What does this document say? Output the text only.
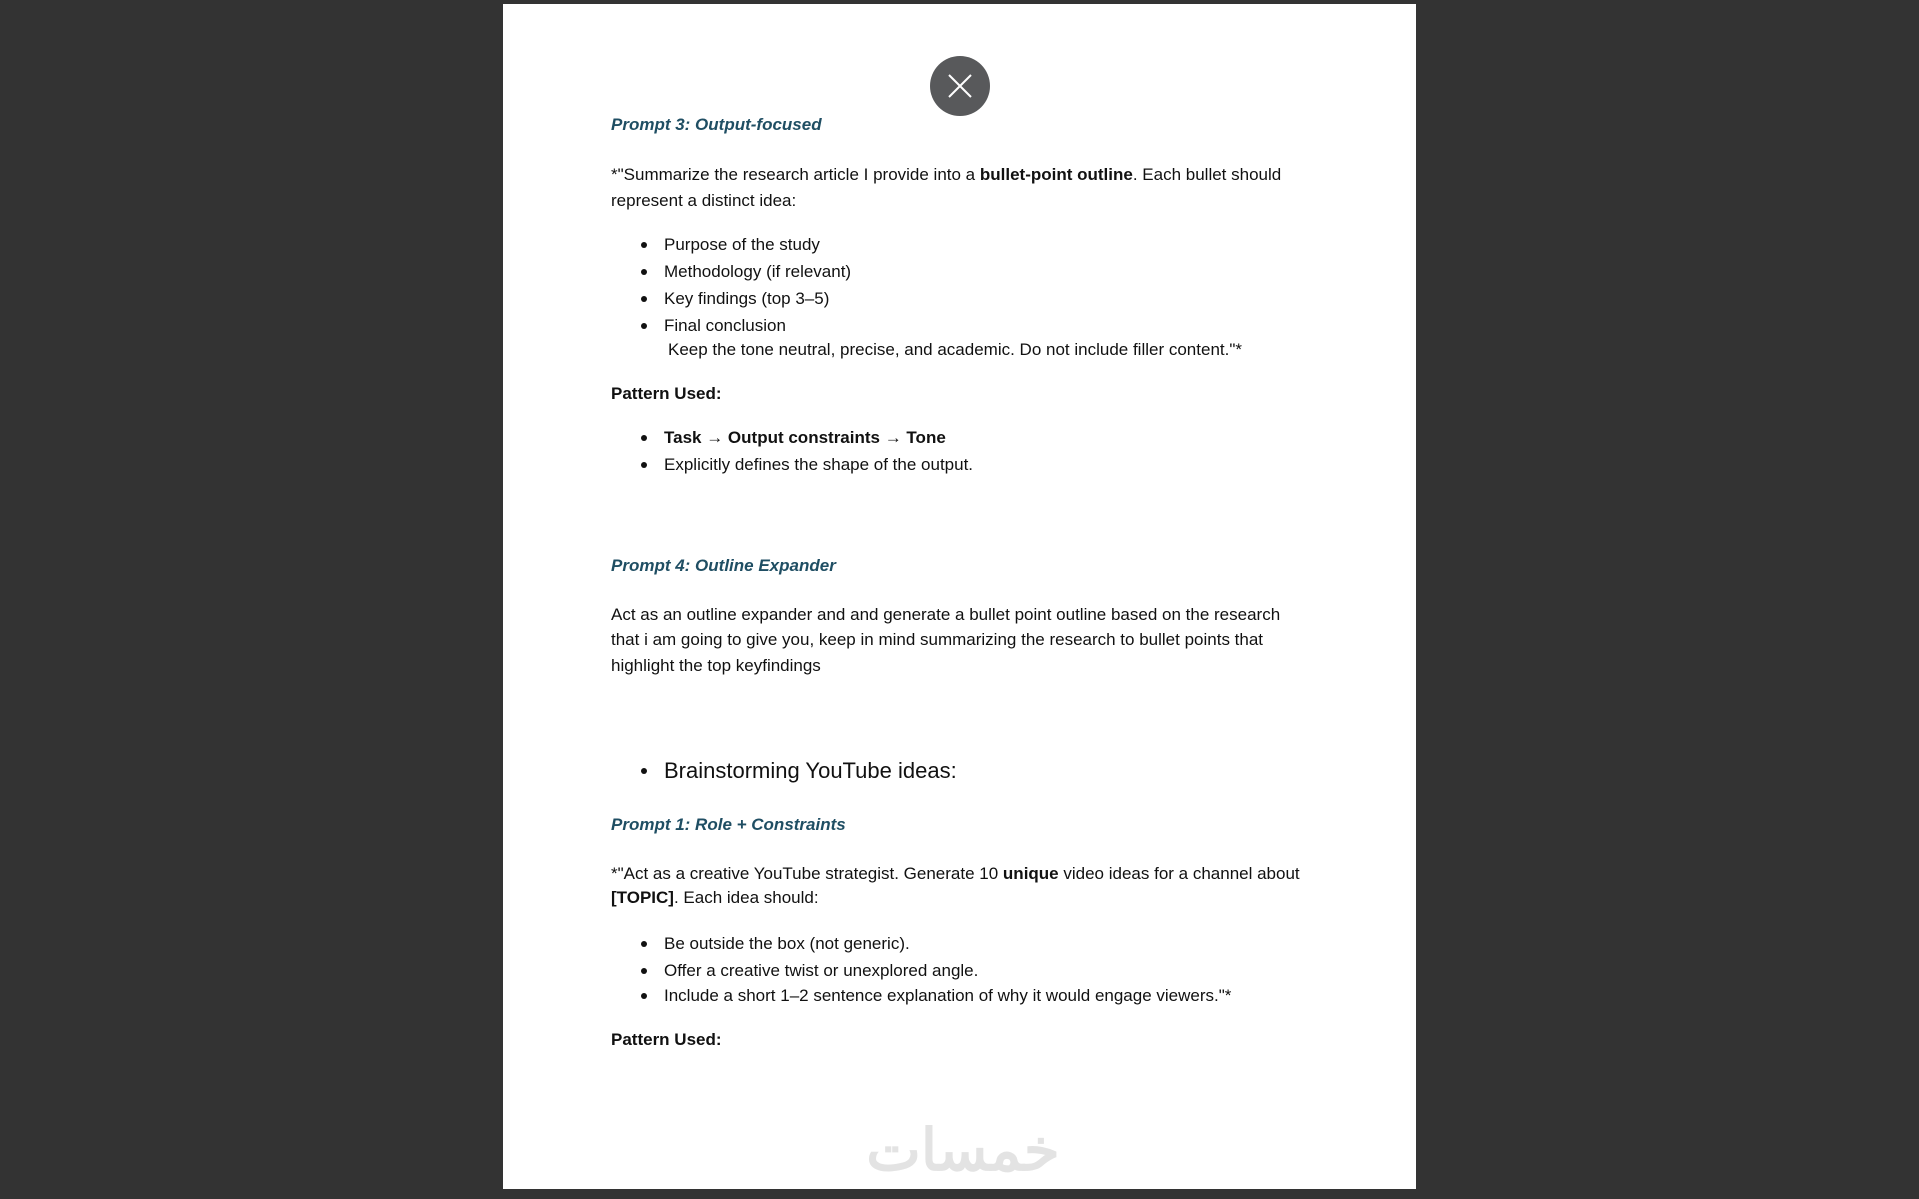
Prompt 3: Output-focused
*"Summarize the research article I provide into a bullet-point outline. Each bullet should
represent a distinct idea:
Purpose of the study
Methodology (if relevant)
Key findings (top 3–5)
Final conclusion
Keep the tone neutral, precise, and academic. Do not include filler content."*
Pattern Used:
Task → Output constraints → Tone
Explicitly defines the shape of the output.
Prompt 4: Outline Expander
Act as an outline expander and and generate a bullet point outline based on the research
that i am going to give you, keep in mind summarizing the research to bullet points that
highlight the top keyfindings
Brainstorming YouTube ideas:
Prompt 1: Role + Constraints
*"Act as a creative YouTube strategist. Generate 10 unique video ideas for a channel about
[TOPIC]. Each idea should:
Be outside the box (not generic).
Offer a creative twist or unexplored angle.
Include a short 1–2 sentence explanation of why it would engage viewers."*
Pattern Used:
خمسات
